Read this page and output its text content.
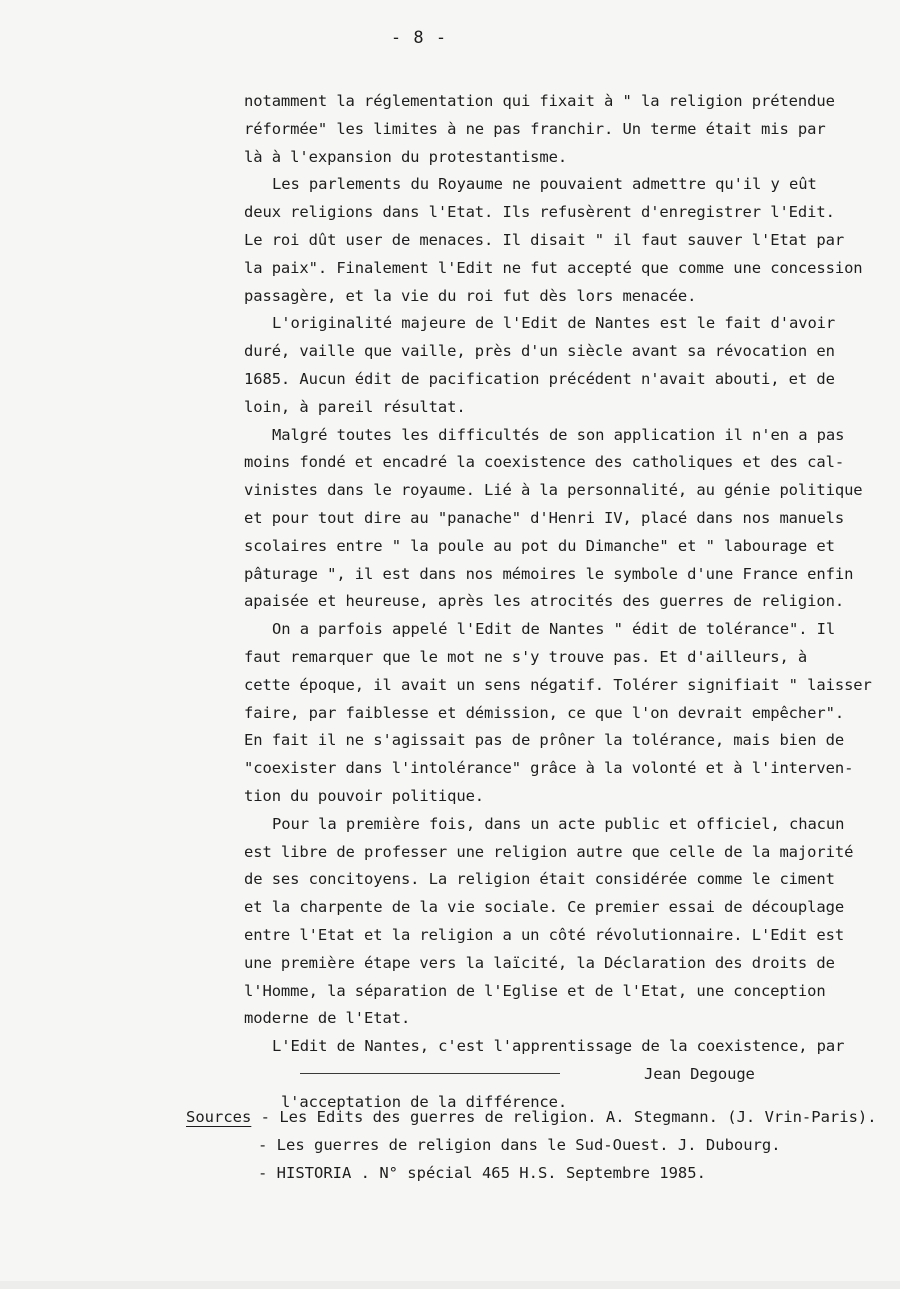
- 8 -
notamment la réglementation qui fixait à " la religion prétendue
réformée" les limites à ne pas franchir. Un terme était mis par
là à l'expansion du protestantisme.
Les parlements du Royaume ne pouvaient admettre qu'il y eût
deux religions dans l'Etat. Ils refusèrent d'enregistrer l'Edit.
Le roi dût user de menaces. Il disait " il faut sauver l'Etat par
la paix". Finalement l'Edit ne fut accepté que comme une concession
passagère, et la vie du roi fut dès lors menacée.
L'originalité majeure de l'Edit de Nantes est le fait d'avoir
duré, vaille que vaille, près d'un siècle avant sa révocation en
1685. Aucun édit de pacification précédent n'avait abouti, et de
loin, à pareil résultat.
Malgré toutes les difficultés de son application il n'en a pas
moins fondé et encadré la coexistence des catholiques et des cal-
vinistes dans le royaume. Lié à la personnalité, au génie politique
et pour tout dire au "panache" d'Henri IV, placé dans nos manuels
scolaires entre " la poule au pot du Dimanche" et " labourage et
pâturage ", il est dans nos mémoires le symbole d'une France enfin
apaisée et heureuse, après les atrocités des guerres de religion.
On a parfois appelé l'Edit de Nantes " édit de tolérance". Il
faut remarquer que le mot ne s'y trouve pas. Et d'ailleurs, à
cette époque, il avait un sens négatif. Tolérer signifiait " laisser
faire, par faiblesse et démission, ce que l'on devrait empêcher".
En fait il ne s'agissait pas de prôner la tolérance, mais bien de
"coexister dans l'intolérance" grâce à la volonté et à l'interven-
tion du pouvoir politique.
Pour la première fois, dans un acte public et officiel, chacun
est libre de professer une religion autre que celle de la majorité
de ses concitoyens. La religion était considérée comme le ciment
et la charpente de la vie sociale. Ce premier essai de découplage
entre l'Etat et la religion a un côté révolutionnaire. L'Edit est
une première étape vers la laïcité, la Déclaration des droits de
l'Homme, la séparation de l'Eglise et de l'Etat, une conception
moderne de l'Etat.
L'Edit de Nantes, c'est l'apprentissage de la coexistence, par

l'acceptation de la différence.

Jean Degouge

Sources - Les Edits des guerres de religion. A. Stegmann. (J. Vrin-Paris).
- Les guerres de religion dans le Sud-Ouest. J. Dubourg.
- HISTORIA . N° spécial 465 H.S. Septembre 1985.
